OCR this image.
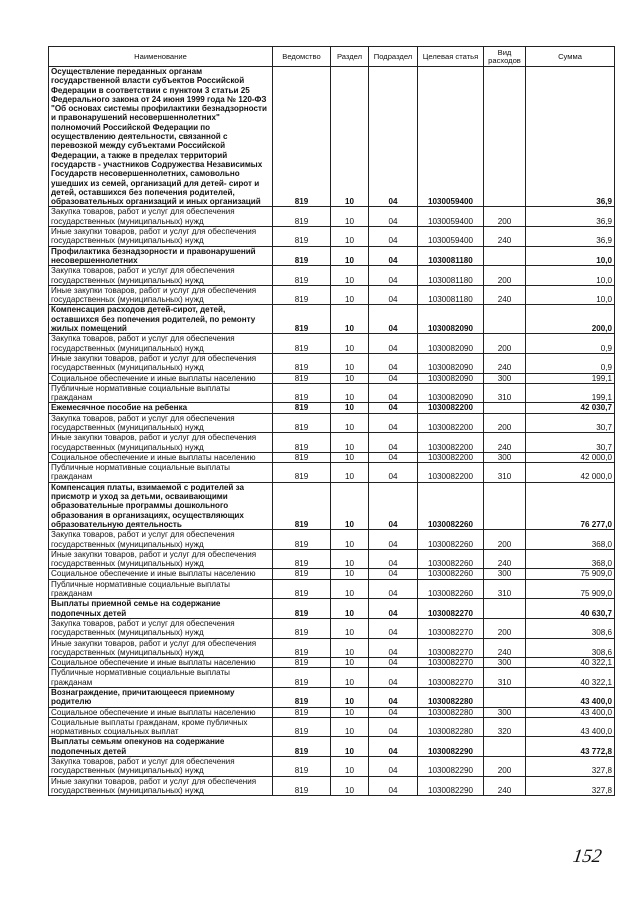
Наименование	Ведомство	Раздел	Подраздел	Целевая статья	Вид расходов	Сумма
Осуществление переданных органам государственной власти субъектов Российской Федерации в соответствии с пунктом 3 статьи 25 Федерального закона от 24 июня 1999 года № 120-ФЗ "Об основах системы профилактики безнадзорности и правонарушений несовершеннолетних" полномочий Российской Федерации по осуществлению деятельности, связанной с перевозкой между субъектами Российской Федерации, а также в пределах территорий государств - участников Содружества Независимых Государств несовершеннолетних, самовольно ушедших из семей, организаций для детей- сирот и детей, оставшихся без попечения родителей, образовательных организаций и иных организаций	819	10	04	1030059400		36,9
Закупка товаров, работ и услуг для обеспечения государственных (муниципальных) нужд	819	10	04	1030059400	200	36,9
Иные закупки товаров, работ и услуг для обеспечения государственных (муниципальных) нужд	819	10	04	1030059400	240	36,9
Профилактика безнадзорности и правонарушений несовершеннолетних	819	10	04	1030081180		10,0
Закупка товаров, работ и услуг для обеспечения государственных (муниципальных) нужд	819	10	04	1030081180	200	10,0
Иные закупки товаров, работ и услуг для обеспечения государственных (муниципальных) нужд	819	10	04	1030081180	240	10,0
Компенсация расходов детей-сирот, детей, оставшихся без попечения родителей, по ремонту жилых помещений	819	10	04	1030082090		200,0
Закупка товаров, работ и услуг для обеспечения государственных (муниципальных) нужд	819	10	04	1030082090	200	0,9
Иные закупки товаров, работ и услуг для обеспечения государственных (муниципальных) нужд	819	10	04	1030082090	240	0,9
Социальное обеспечение и иные выплаты населению	819	10	04	1030082090	300	199,1
Публичные нормативные социальные выплаты гражданам	819	10	04	1030082090	310	199,1
Ежемесячное пособие на ребенка	819	10	04	1030082200		42 030,7
Закупка товаров, работ и услуг для обеспечения государственных (муниципальных) нужд	819	10	04	1030082200	200	30,7
Иные закупки товаров, работ и услуг для обеспечения государственных (муниципальных) нужд	819	10	04	1030082200	240	30,7
Социальное обеспечение и иные выплаты населению	819	10	04	1030082200	300	42 000,0
Публичные нормативные социальные выплаты гражданам	819	10	04	1030082200	310	42 000,0
Компенсация платы, взимаемой с родителей за присмотр и уход за детьми, осваивающими образовательные программы дошкольного образования в организациях, осуществляющих образовательную деятельность	819	10	04	1030082260		76 277,0
Закупка товаров, работ и услуг для обеспечения государственных (муниципальных) нужд	819	10	04	1030082260	200	368,0
Иные закупки товаров, работ и услуг для обеспечения государственных (муниципальных) нужд	819	10	04	1030082260	240	368,0
Социальное обеспечение и иные выплаты населению	819	10	04	1030082260	300	75 909,0
Публичные нормативные социальные выплаты гражданам	819	10	04	1030082260	310	75 909,0
Выплаты приемной семье на содержание подопечных детей	819	10	04	1030082270		40 630,7
Закупка товаров, работ и услуг для обеспечения государственных (муниципальных) нужд	819	10	04	1030082270	200	308,6
Иные закупки товаров, работ и услуг для обеспечения государственных (муниципальных) нужд	819	10	04	1030082270	240	308,6
Социальное обеспечение и иные выплаты населению	819	10	04	1030082270	300	40 322,1
Публичные нормативные социальные выплаты гражданам	819	10	04	1030082270	310	40 322,1
Вознаграждение, причитающееся приемному родителю	819	10	04	1030082280		43 400,0
Социальное обеспечение и иные выплаты населению	819	10	04	1030082280	300	43 400,0
Социальные выплаты гражданам, кроме публичных нормативных социальных выплат	819	10	04	1030082280	320	43 400,0
Выплаты семьям опекунов на содержание подопечных детей	819	10	04	1030082290		43 772,8
Закупка товаров, работ и услуг для обеспечения государственных (муниципальных) нужд	819	10	04	1030082290	200	327,8
Иные закупки товаров, работ и услуг для обеспечения государственных (муниципальных) нужд	819	10	04	1030082290	240	327,8
152
